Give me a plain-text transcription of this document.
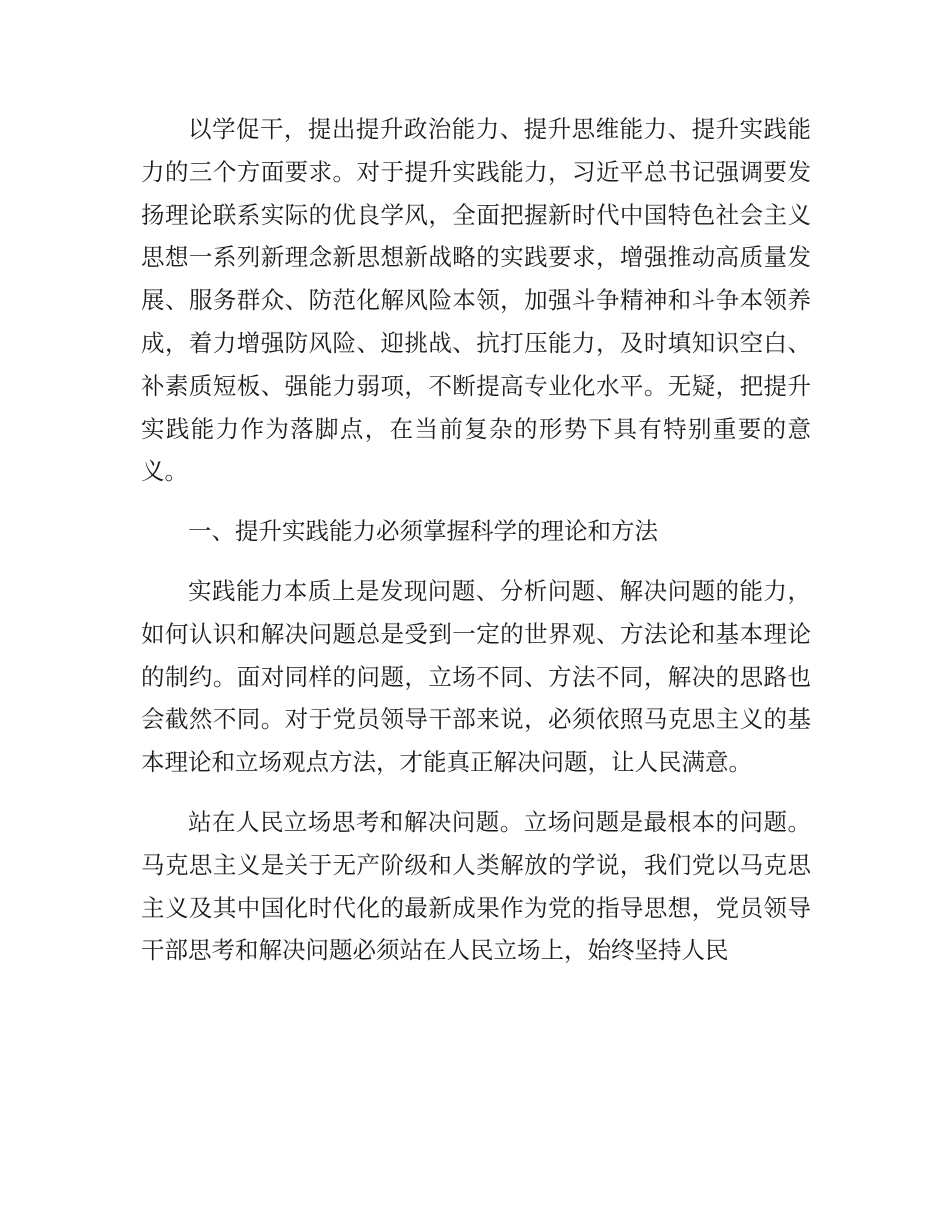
以学促干，提出提升政治能力、提升思维能力、提升实践能力的三个方面要求。对于提升实践能力，习近平总书记强调要发扬理论联系实际的优良学风，全面把握新时代中国特色社会主义思想一系列新理念新思想新战略的实践要求，增强推动高质量发展、服务群众、防范化解风险本领，加强斗争精神和斗争本领养成，着力增强防风险、迎挑战、抗打压能力，及时填知识空白、补素质短板、强能力弱项，不断提高专业化水平。无疑，把提升实践能力作为落脚点，在当前复杂的形势下具有特别重要的意义。

一、提升实践能力必须掌握科学的理论和方法

实践能力本质上是发现问题、分析问题、解决问题的能力，如何认识和解决问题总是受到一定的世界观、方法论和基本理论的制约。面对同样的问题，立场不同、方法不同，解决的思路也会截然不同。对于党员领导干部来说，必须依照马克思主义的基本理论和立场观点方法，才能真正解决问题，让人民满意。

站在人民立场思考和解决问题。立场问题是最根本的问题。马克思主义是关于无产阶级和人类解放的学说，我们党以马克思主义及其中国化时代化的最新成果作为党的指导思想，党员领导干部思考和解决问题必须站在人民立场上，始终坚持人民
